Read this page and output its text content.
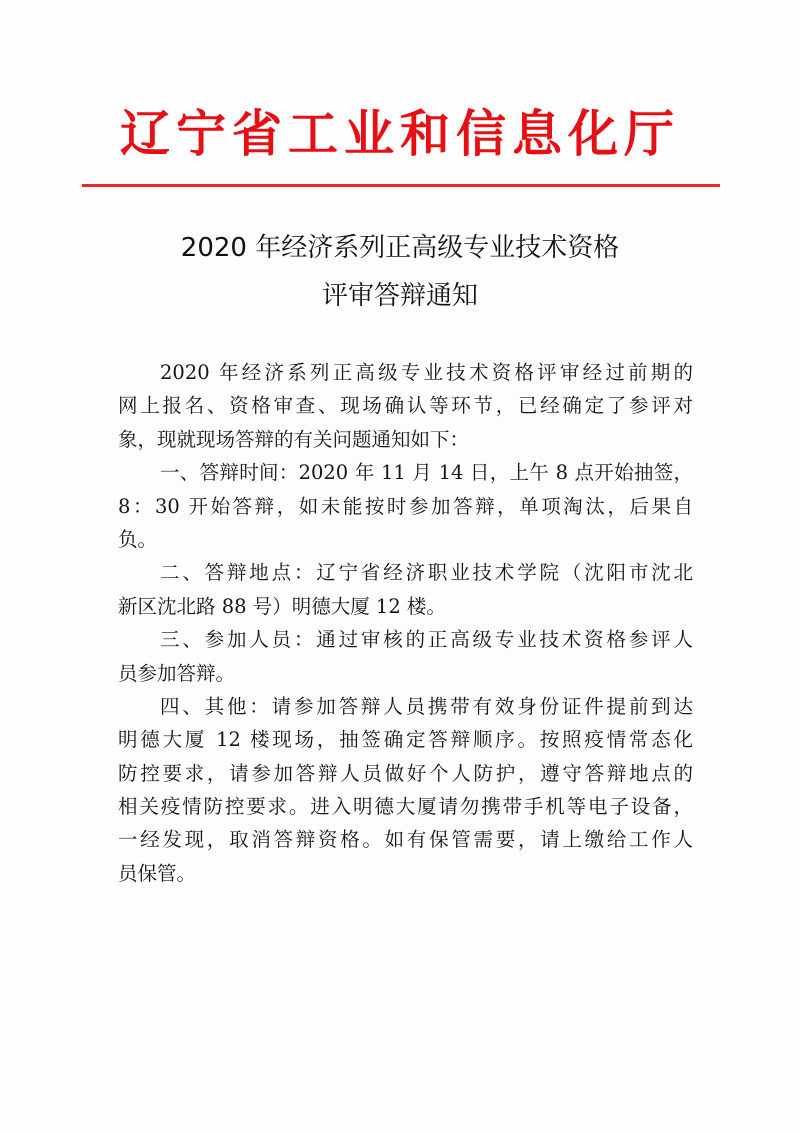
辽宁省工业和信息化厅
2020 年经济系列正高级专业技术资格
评审答辩通知
2020 年经济系列正高级专业技术资格评审经过前期的
网上报名、资格审查、现场确认等环节，已经确定了参评对
象，现就现场答辩的有关问题通知如下：
一、答辩时间：2020 年 11 月 14 日，上午 8 点开始抽签，
8：30 开始答辩，如未能按时参加答辩，单项淘汰，后果自
负。
二、答辩地点：辽宁省经济职业技术学院（沈阳市沈北
新区沈北路 88 号）明德大厦 12 楼。
三、参加人员：通过审核的正高级专业技术资格参评人
员参加答辩。
四、其他：请参加答辩人员携带有效身份证件提前到达
明德大厦 12 楼现场，抽签确定答辩顺序。按照疫情常态化
防控要求，请参加答辩人员做好个人防护，遵守答辩地点的
相关疫情防控要求。进入明德大厦请勿携带手机等电子设备，
一经发现，取消答辩资格。如有保管需要，请上缴给工作人
员保管。
